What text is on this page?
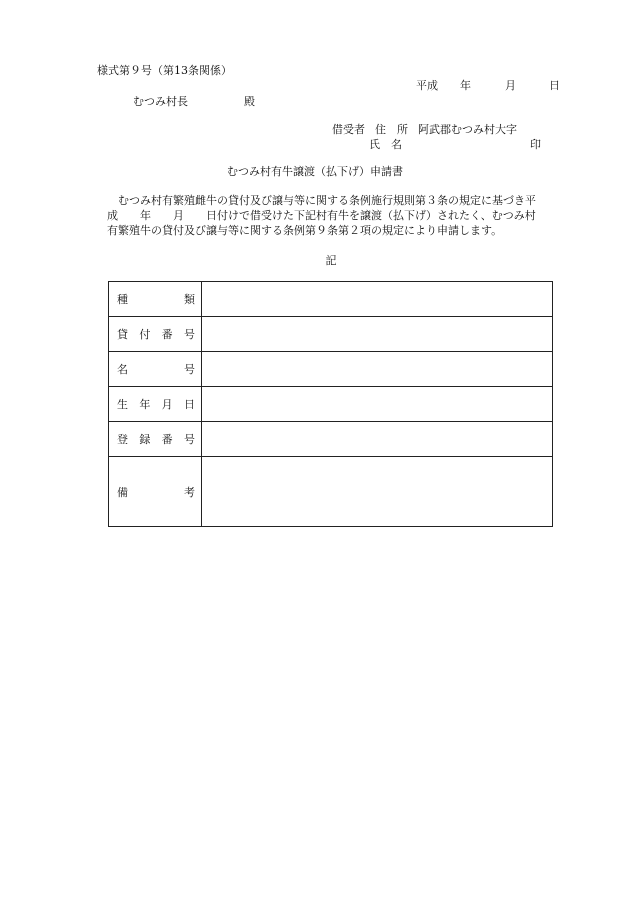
様式第９号（第13条関係）
平成 年	月	日
むつみ村長	殿
借受者 住　所 阿武郡むつみ村大字
氏　名	印
むつみ村有牛譲渡（払下げ）申請書
むつみ村有繁殖雌牛の貸付及び譲与等に関する条例施行規則第３条の規定に基づき平
成　　年　　月　　日付けで借受けた下記村有牛を譲渡（払下げ）されたく、むつみ村
有繁殖牛の貸付及び譲与等に関する条例第９条第２項の規定により申請します。
記
種 類	

貸 付 番 号	

名 号	

生 年 月 日	

登 録 番 号	

備 考	
